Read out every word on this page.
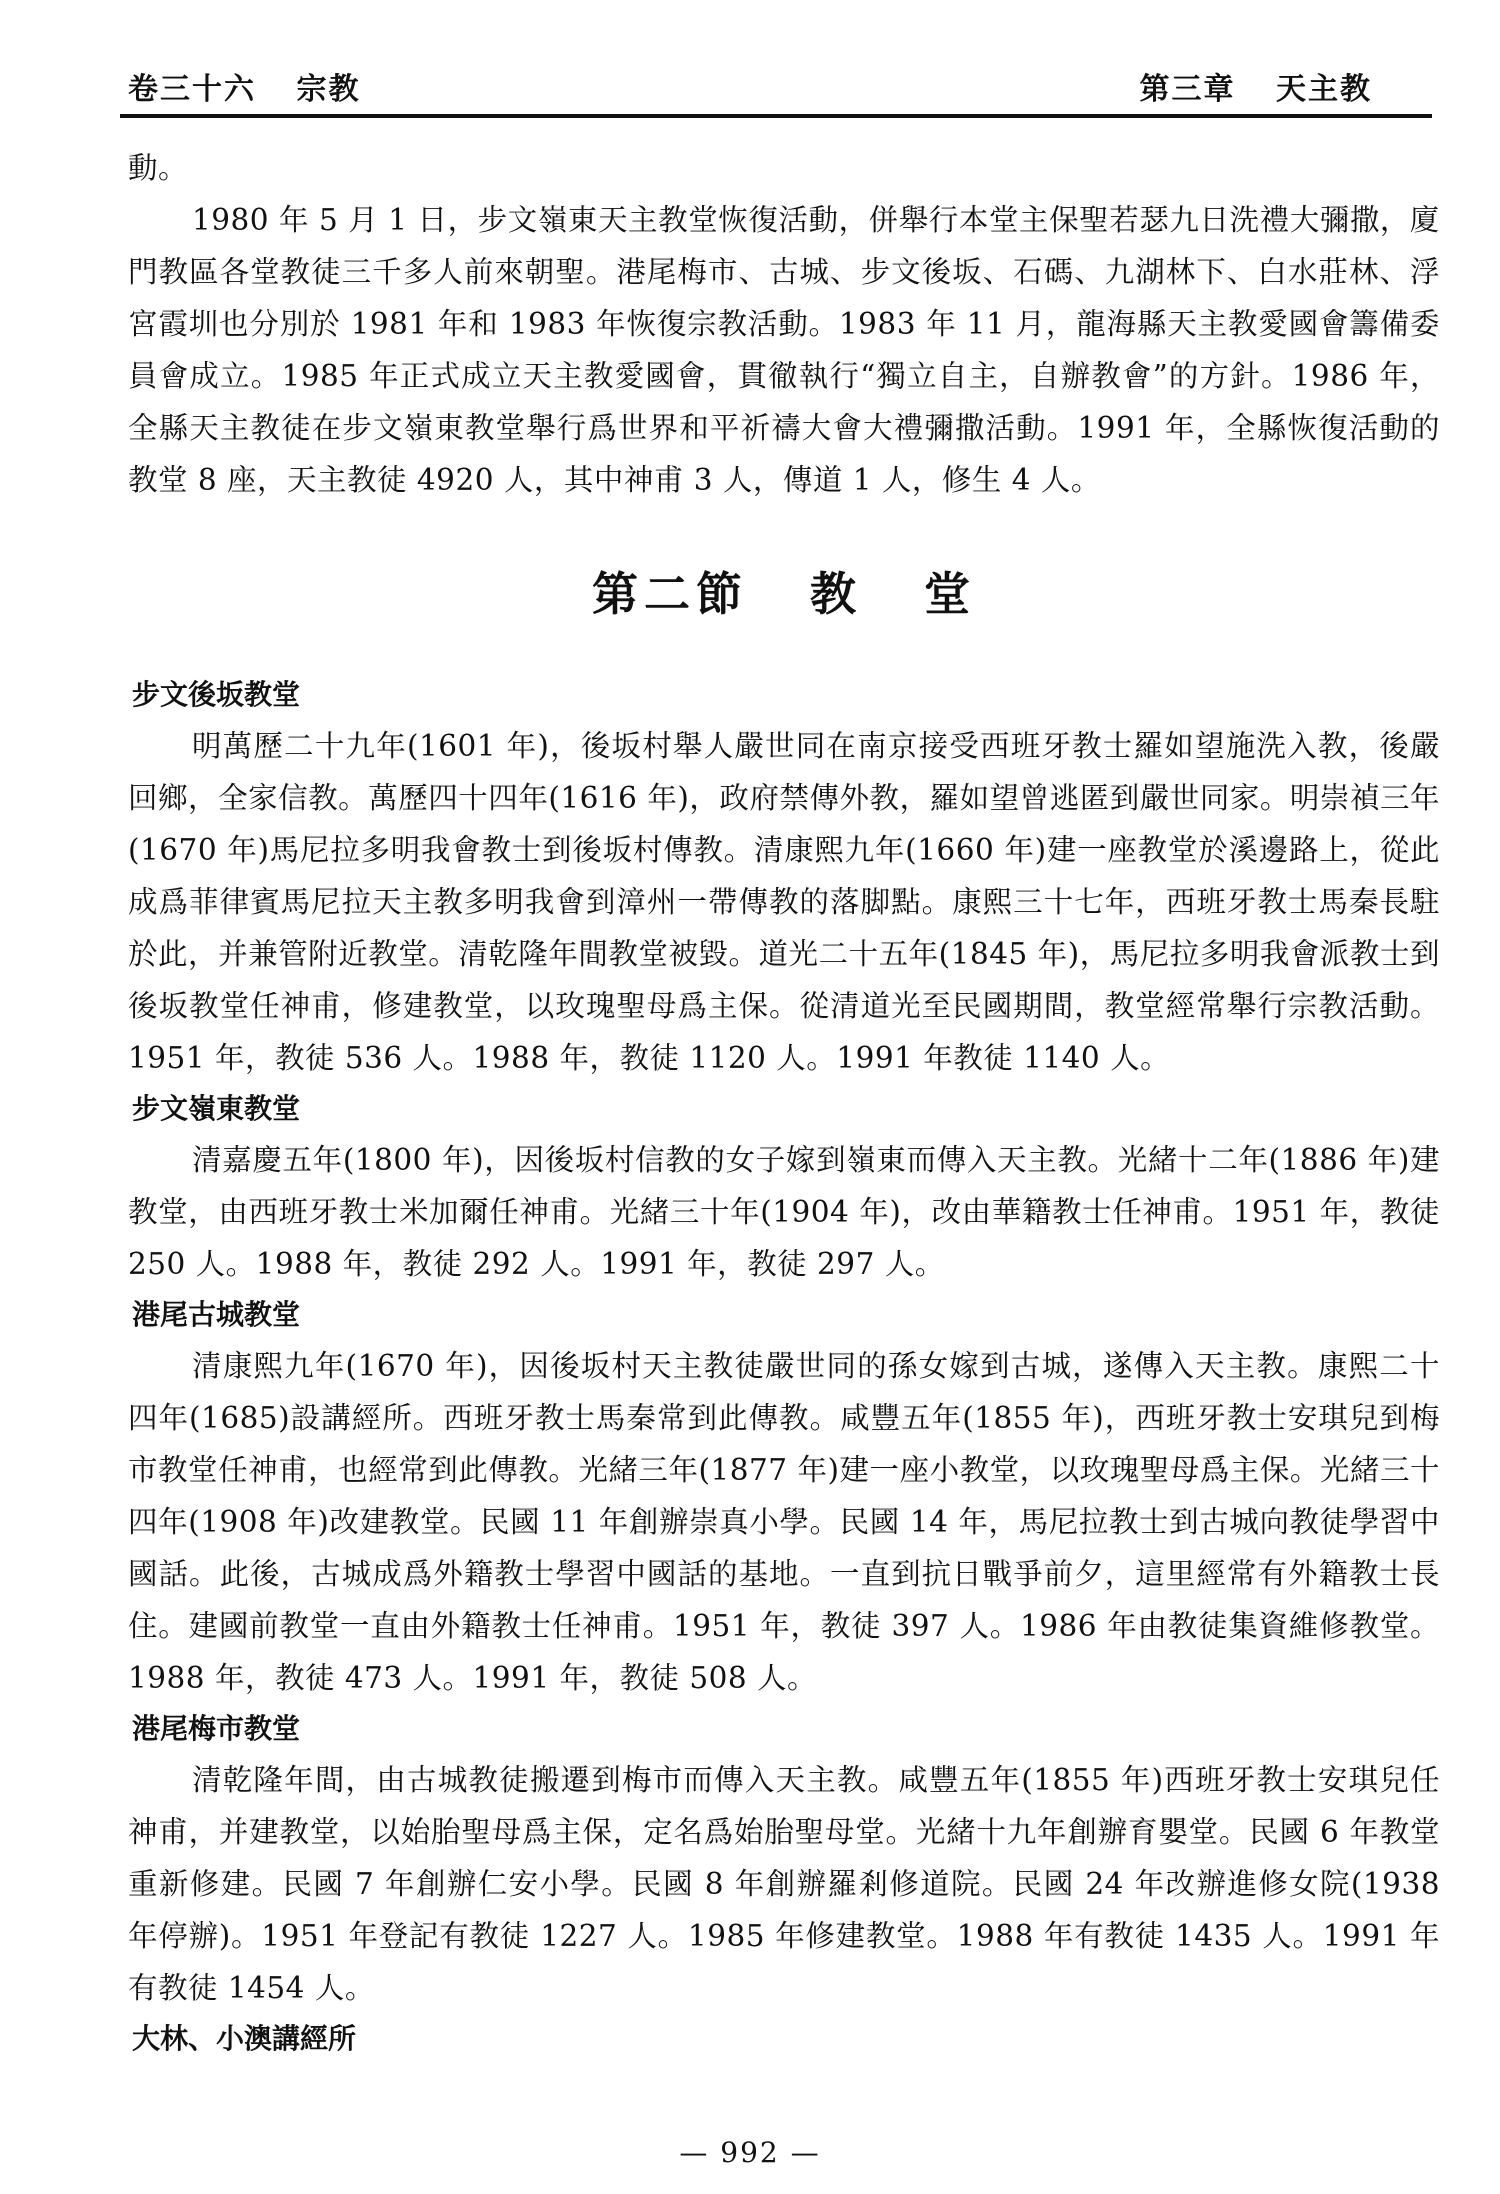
卷三十六 宗教	第三章 天主教

動。

1980 年 5 月 1 日，步文嶺東天主教堂恢復活動，併舉行本堂主保聖若瑟九日洗禮大彌撒，廈門教區各堂教徒三千多人前來朝聖。港尾梅市、古城、步文後坂、石碼、九湖林下、白水莊林、浮宮霞圳也分別於 1981 年和 1983 年恢復宗教活動。1983 年 11 月，龍海縣天主教愛國會籌備委員會成立。1985 年正式成立天主教愛國會，貫徹執行“獨立自主，自辦教會”的方針。1986 年，全縣天主教徒在步文嶺東教堂舉行爲世界和平祈禱大會大禮彌撒活動。1991 年，全縣恢復活動的教堂 8 座，天主教徒 4920 人，其中神甫 3 人，傳道 1 人，修生 4 人。

第二節 教 堂
步文後坂教堂

明萬歷二十九年(1601 年)，後坂村舉人嚴世同在南京接受西班牙教士羅如望施洗入教，後嚴回鄉，全家信教。萬歷四十四年(1616 年)，政府禁傳外教，羅如望曾逃匿到嚴世同家。明崇禎三年(1670 年)馬尼拉多明我會教士到後坂村傳教。清康熙九年(1660 年)建一座教堂於溪邊路上，從此成爲菲律賓馬尼拉天主教多明我會到漳州一帶傳教的落脚點。康熙三十七年，西班牙教士馬秦長駐於此，并兼管附近教堂。清乾隆年間教堂被毀。道光二十五年(1845 年)，馬尼拉多明我會派教士到後坂教堂任神甫，修建教堂，以玫瑰聖母爲主保。從清道光至民國期間，教堂經常舉行宗教活動。1951 年，教徒 536 人。1988 年，教徒 1120 人。1991 年教徒 1140 人。

步文嶺東教堂

清嘉慶五年(1800 年)，因後坂村信教的女子嫁到嶺東而傳入天主教。光緒十二年(1886 年)建教堂，由西班牙教士米加爾任神甫。光緒三十年(1904 年)，改由華籍教士任神甫。1951 年，教徒 250 人。1988 年，教徒 292 人。1991 年，教徒 297 人。

港尾古城教堂

清康熙九年(1670 年)，因後坂村天主教徒嚴世同的孫女嫁到古城，遂傳入天主教。康熙二十四年(1685)設講經所。西班牙教士馬秦常到此傳教。咸豐五年(1855 年)，西班牙教士安琪兒到梅市教堂任神甫，也經常到此傳教。光緒三年(1877 年)建一座小教堂，以玫瑰聖母爲主保。光緒三十四年(1908 年)改建教堂。民國 11 年創辦崇真小學。民國 14 年，馬尼拉教士到古城向教徒學習中國話。此後，古城成爲外籍教士學習中國話的基地。一直到抗日戰爭前夕，這里經常有外籍教士長住。建國前教堂一直由外籍教士任神甫。1951 年，教徒 397 人。1986 年由教徒集資維修教堂。1988 年，教徒 473 人。1991 年，教徒 508 人。

港尾梅市教堂

清乾隆年間，由古城教徒搬遷到梅市而傳入天主教。咸豐五年(1855 年)西班牙教士安琪兒任神甫，并建教堂，以始胎聖母爲主保，定名爲始胎聖母堂。光緒十九年創辦育嬰堂。民國 6 年教堂重新修建。民國 7 年創辦仁安小學。民國 8 年創辦羅剎修道院。民國 24 年改辦進修女院(1938 年停辦)。1951 年登記有教徒 1227 人。1985 年修建教堂。1988 年有教徒 1435 人。1991 年有教徒 1454 人。

大林、小澳講經所
— 992 —
